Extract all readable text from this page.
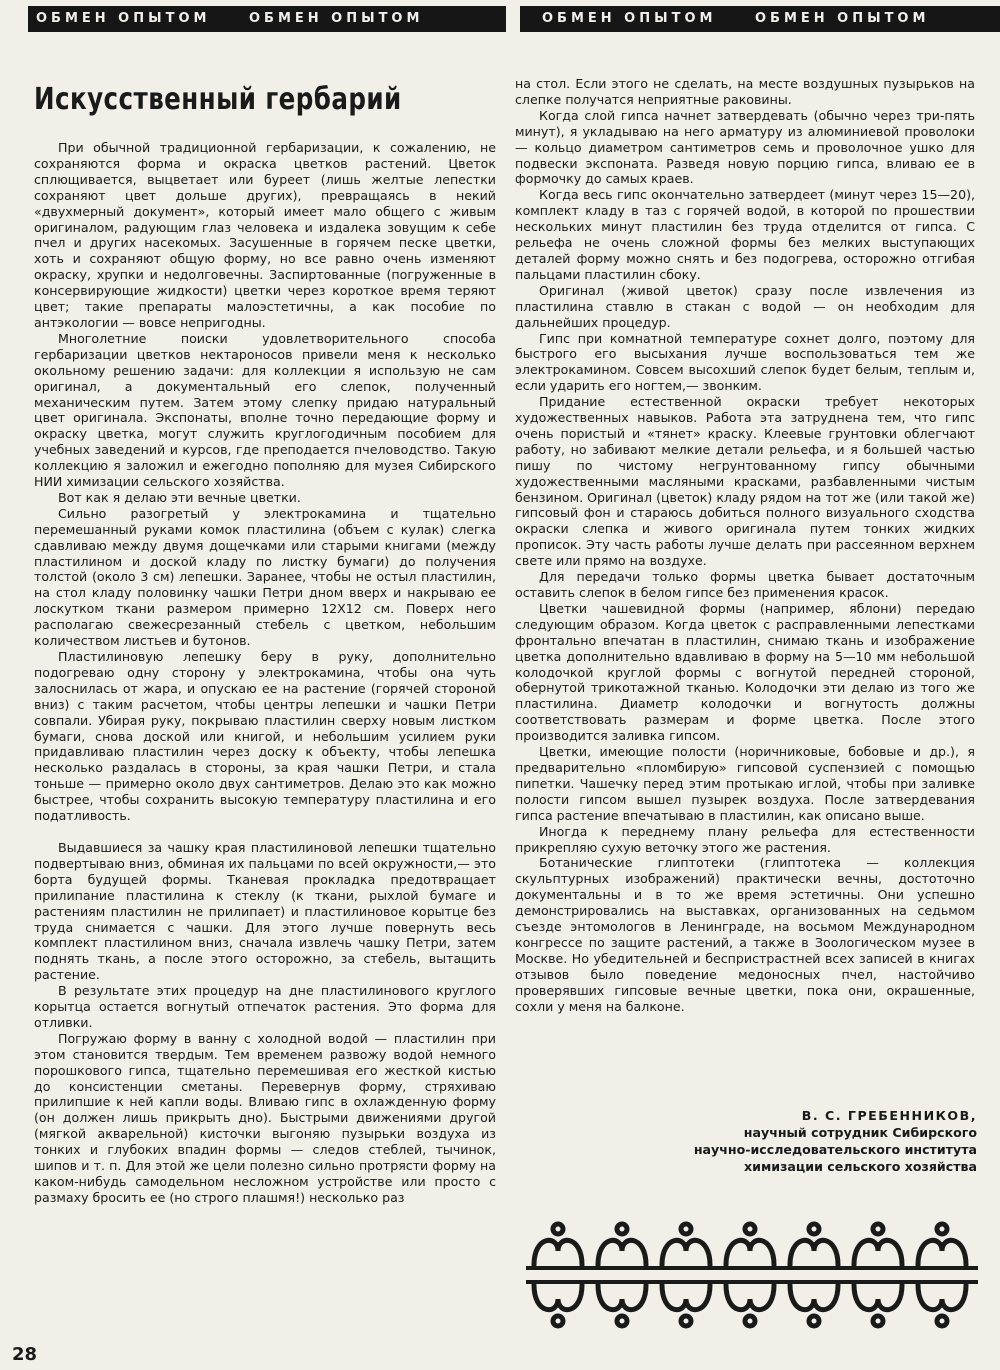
ОБМЕН ОПЫТОМ	ОБМЕН ОПЫТОМ	ОБМЕН ОПЫТОМ	ОБМЕН ОПЫТОМ
Искусственный гербарий

При обычной традиционной гербаризации, к сожалению, не сохраняются форма и окраска цветков растений. Цветок сплющивается, выцветает или буреет (лишь желтые лепестки сохраняют цвет дольше других), превращаясь в некий «двухмерный документ», который имеет мало общего с живым оригиналом, радующим глаз человека и издалека зовущим к себе пчел и других насекомых. Засушенные в горячем песке цветки, хоть и сохраняют общую форму, но все равно очень изменяют окраску, хрупки и недолговечны. Заспиртованные (погруженные в консервирующие жидкости) цветки через короткое время теряют цвет; такие препараты малоэстетичны, а как пособие по антэкологии — вовсе непригодны.

Многолетние поиски удовлетворительного способа гербаризации цветков нектароносов привели меня к несколько окольному решению задачи: для коллекции я использую не сам оригинал, а документальный его слепок, полученный механическим путем. Затем этому слепку придаю натуральный цвет оригинала. Экспонаты, вполне точно передающие форму и окраску цветка, могут служить круглогодичным пособием для учебных заведений и курсов, где преподается пчеловодство. Такую коллекцию я заложил и ежегодно пополняю для музея Сибирского НИИ химизации сельского хозяйства.

Вот как я делаю эти вечные цветки.

Сильно разогретый у электрокамина и тщательно перемешанный руками комок пластилина (объем с кулак) слегка сдавливаю между двумя дощечками или старыми книгами (между пластилином и доской кладу по листку бумаги) до получения толстой (около 3 см) лепешки. Заранее, чтобы не остыл пластилин, на стол кладу половинку чашки Петри дном вверх и накрываю ее лоскутком ткани размером примерно 12X12 см. Поверх него располагаю свежесрезанный стебель с цветком, небольшим количеством листьев и бутонов.

Пластилиновую лепешку беру в руку, дополнительно подогреваю одну сторону у электрокамина, чтобы она чуть залоснилась от жара, и опускаю ее на растение (горячей стороной вниз) с таким расчетом, чтобы центры лепешки и чашки Петри совпали. Убирая руку, покрываю пластилин сверху новым листком бумаги, снова доской или книгой, и небольшим усилием руки придавливаю пластилин через доску к объекту, чтобы лепешка несколько раздалась в стороны, за края чашки Петри, и стала тоньше — примерно около двух сантиметров. Делаю это как можно быстрее, чтобы сохранить высокую температуру пластилина и его податливость.

Выдавшиеся за чашку края пластилиновой лепешки тщательно подвертываю вниз, обминая их пальцами по всей окружности,— это борта будущей формы. Тканевая прокладка предотвращает прилипание пластилина к стеклу (к ткани, рыхлой бумаге и растениям пластилин не прилипает) и пластилиновое корытце без труда снимается с чашки. Для этого лучше повернуть весь комплект пластилином вниз, сначала извлечь чашку Петри, затем поднять ткань, а после этого осторожно, за стебель, вытащить растение.

В результате этих процедур на дне пластилинового круглого корытца остается вогнутый отпечаток растения. Это форма для отливки.

Погружаю форму в ванну с холодной водой — пластилин при этом становится твердым. Тем временем развожу водой немного порошкового гипса, тщательно перемешивая его жесткой кистью до консистенции сметаны. Перевернув форму, стряхиваю прилипшие к ней капли воды. Вливаю гипс в охлажденную форму (он должен лишь прикрыть дно). Быстрыми движениями другой (мягкой акварельной) кисточки выгоняю пузырьки воздуха из тонких и глубоких впадин формы — следов стеблей, тычинок, шипов и т. п. Для этой же цели полезно сильно протрясти форму на каком-нибудь самодельном несложном устройстве или просто с размаху бросить ее (но строго плашмя!) несколько раз

на стол. Если этого не сделать, на месте воздушных пузырьков на слепке получатся неприятные раковины.

Когда слой гипса начнет затвердевать (обычно через три-пять минут), я укладываю на него арматуру из алюминиевой проволоки — кольцо диаметром сантиметров семь и проволочное ушко для подвески экспоната. Разведя новую порцию гипса, вливаю ее в формочку до самых краев.

Когда весь гипс окончательно затвердеет (минут через 15—20), комплект кладу в таз с горячей водой, в которой по прошествии нескольких минут пластилин без труда отделится от гипса. С рельефа не очень сложной формы без мелких выступающих деталей форму можно снять и без подогрева, осторожно отгибая пальцами пластилин сбоку.

Оригинал (живой цветок) сразу после извлечения из пластилина ставлю в стакан с водой — он необходим для дальнейших процедур.

Гипс при комнатной температуре сохнет долго, поэтому для быстрого его высыхания лучше воспользоваться тем же электрокамином. Совсем высохший слепок будет белым, теплым и, если ударить его ногтем,— звонким.

Придание естественной окраски требует некоторых художественных навыков. Работа эта затруднена тем, что гипс очень пористый и «тянет» краску. Клеевые грунтовки облегчают работу, но забивают мелкие детали рельефа, и я большей частью пишу по чистому негрунтованному гипсу обычными художественными масляными красками, разбавленными чистым бензином. Оригинал (цветок) кладу рядом на тот же (или такой же) гипсовый фон и стараюсь добиться полного визуального сходства окраски слепка и живого оригинала путем тонких жидких прописок. Эту часть работы лучше делать при рассеянном верхнем свете или прямо на воздухе.

Для передачи только формы цветка бывает достаточным оставить слепок в белом гипсе без применения красок.

Цветки чашевидной формы (например, яблони) передаю следующим образом. Когда цветок с расправленными лепестками фронтально впечатан в пластилин, снимаю ткань и изображение цветка дополнительно вдавливаю в форму на 5—10 мм небольшой колодочкой круглой формы с вогнутой передней стороной, обернутой трикотажной тканью. Колодочки эти делаю из того же пластилина. Диаметр колодочки и вогнутость должны соответствовать размерам и форме цветка. После этого производится заливка гипсом.

Цветки, имеющие полости (норичниковые, бобовые и др.), я предварительно «пломбирую» гипсовой суспензией с помощью пипетки. Чашечку перед этим протыкаю иглой, чтобы при заливке полости гипсом вышел пузырек воздуха. После затвердевания гипса растение впечатываю в пластилин, как описано выше.

Иногда к переднему плану рельефа для естественности прикрепляю сухую веточку этого же растения.

Ботанические глиптотеки (глиптотека — коллекция скульптурных изображений) практически вечны, достоточно документальны и в то же время эстетичны. Они успешно демонстрировались на выставках, организованных на седьмом съезде энтомологов в Ленинграде, на восьмом Международном конгрессе по защите растений, а также в Зоологическом музее в Москве. Но убедительней и беспристрастней всех записей в книгах отзывов было поведение медоносных пчел, настойчиво проверявших гипсовые вечные цветки, пока они, окрашенные, сохли у меня на балконе.

В. С. ГРЕБЕННИКОВ,
научный сотрудник Сибирского
научно-исследовательского института
химизации сельского хозяйства
28
